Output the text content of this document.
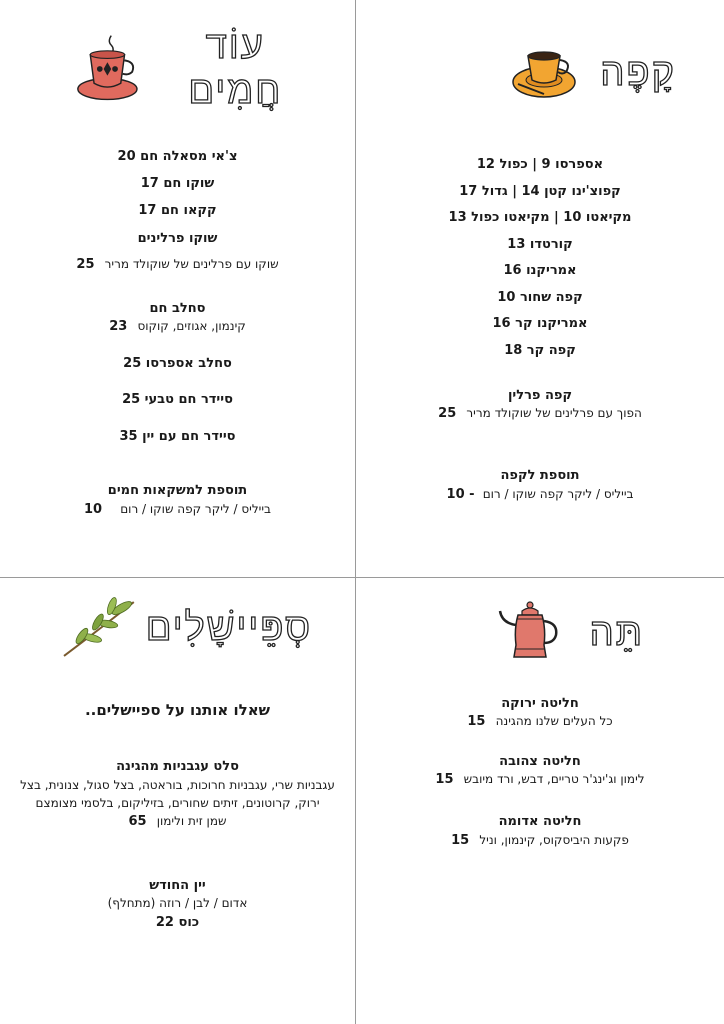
קָפֶה
אספרסו 9 | כפול 12
קפוצ'ינו קטן 14 | גדול 17
מקיאטו 10 | מקיאטו כפול 13
קורטדו 13
אמריקנו 16
קפה שחור 10
אמריקנו קר 16
קפה קר 18
קפה פרלין
הפוך עם פרלינים של שוקולד מריר 25
תוספת לקפה
בייליס / ליקר קפה שוקו / רום - 10
עוֹד חֲמִים
צ'אי מסאלה חם 20
שוקו חם 17
קקאו חם 17
שוקו פרלינים
שוקו עם פרלינים של שוקולד מריר 25
סחלב חם
קינמון, אגוזים, קוקוס 23
סחלב אספרסו 25
סיידר חם טבעי 25
סיידר חם עם יין 35
תוספת למשקאות חמים
בייליס / ליקר קפה שוקו / רום 10
תֵּה
חליטה ירוקה
כל העלים שלנו מהגינה 15
חליטה צהובה
לימון וג'ינג'ר טריים, דבש, ורד מיובש 15
חליטה אדומה
פקעות היביסקוס, קינמון, וניל 15
סְפֵּיישָׁלִים
שאלו אותנו על ספיישלים..
סלט עגבניות מהגינה
עגבניות שרי, עגבניות חרוכות, בוראטה, בצל סגול, צנונית, בצל
ירוק, קרוטונים, זיתים שחורים, בזיליקום, בלסמי מצומצם
שמן זית ולימון 65
יין החודש
אדום / לבן / רוזה (מתחלף)
כוס 22
